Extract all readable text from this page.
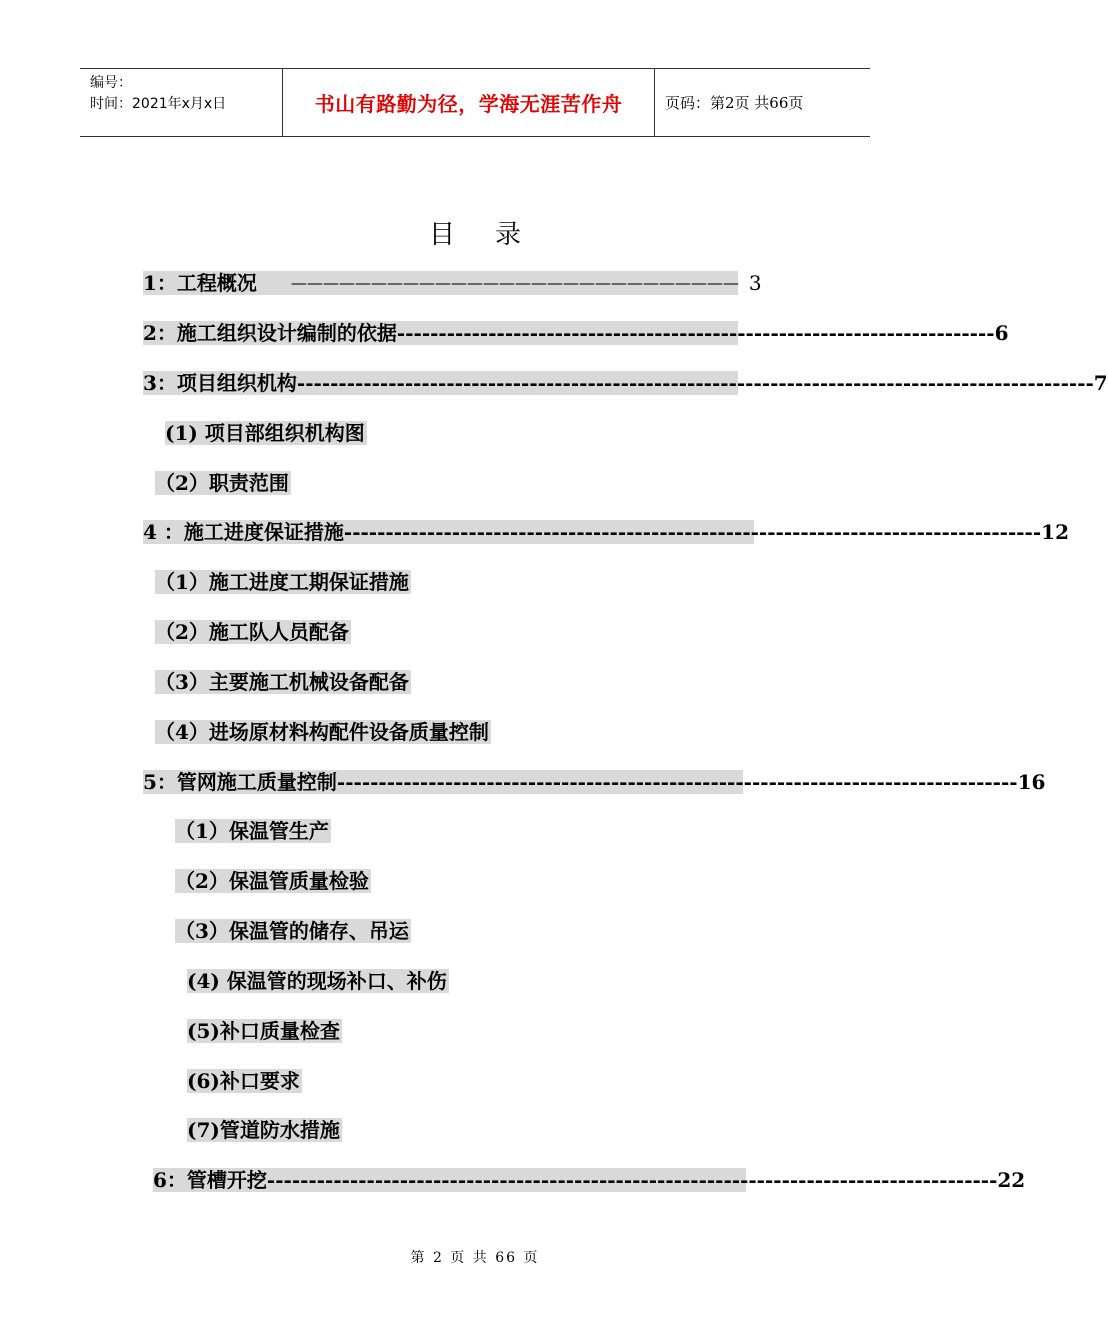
编号：
时间：2021年x月x日	书山有路勤为径，学海无涯苦作舟	页码：第2页 共66页
目录
1：工程概况	———————————————————————————— 3
2：施工组织设计编制的依据 ------------------------------------------------------------------------ 6
3：项目组织机构 ------------------------------------------------------------------------------------------------ 7
(1) 项目部组织机构图
（2）职责范围
4 ：施工进度保证措施 ------------------------------------------------------------------------------------ 12
（1）施工进度工期保证措施
（2）施工队人员配备
（3）主要施工机械设备配备
（4）进场原材料构配件设备质量控制
5：管网施工质量控制 ---------------------------------------------------------------------------------- 16
（1）保温管生产
（2）保温管质量检验
（3）保温管的储存、吊运
(4) 保温管的现场补口、补伤
(5)补口质量检查
(6)补口要求
(7)管道防水措施
6：管槽开挖 ---------------------------------------------------------------------------------------- 22
第 2 页 共 66 页
